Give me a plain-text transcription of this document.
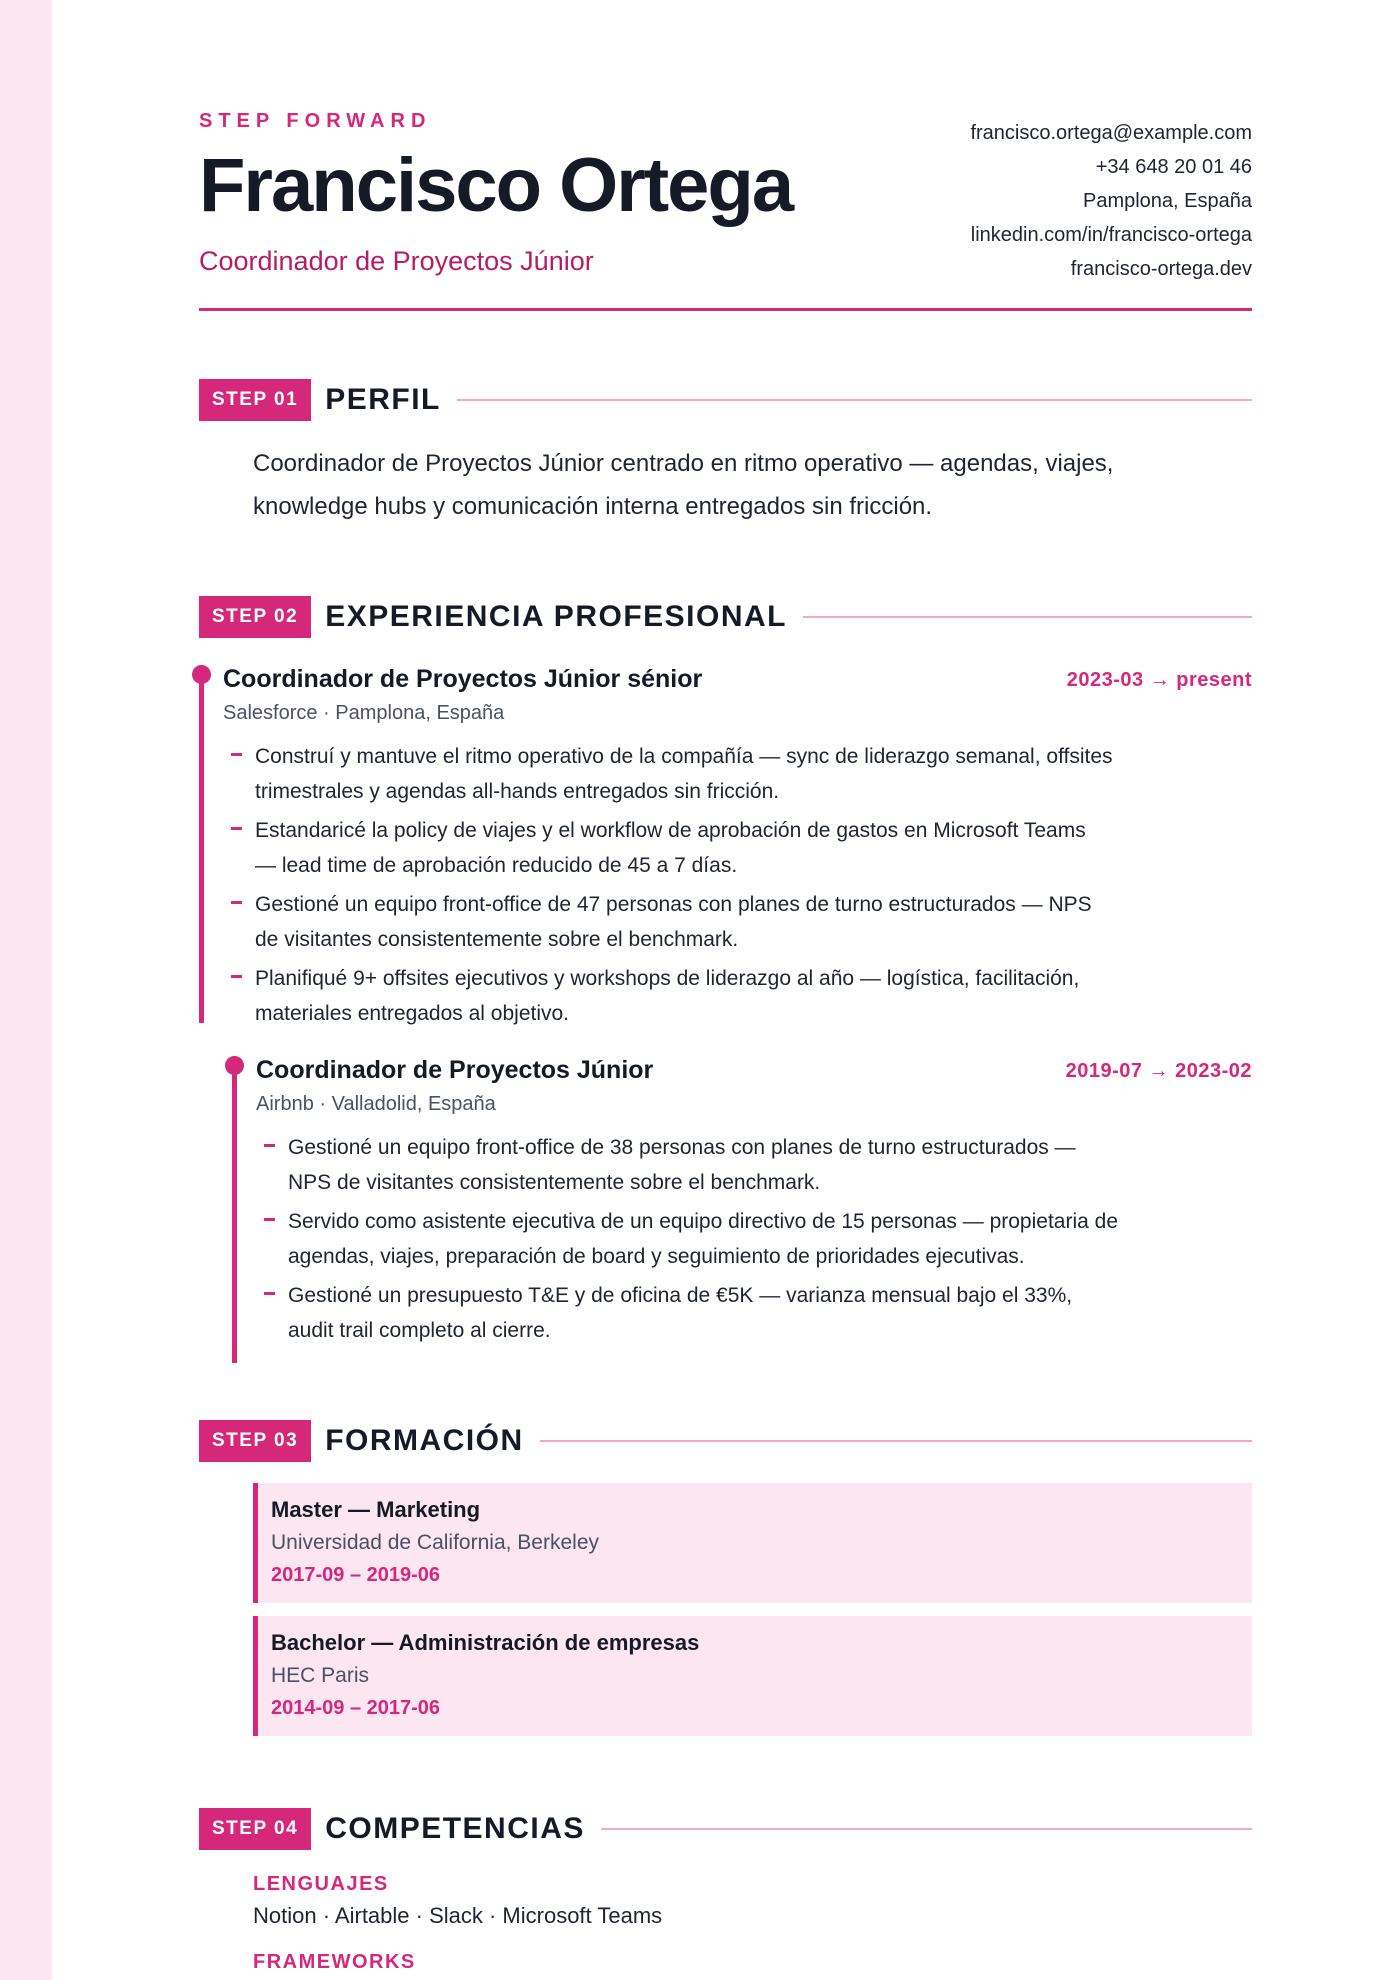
STEP FORWARD
Francisco Ortega
Coordinador de Proyectos Júnior
francisco.ortega@example.com
+34 648 20 01 46
Pamplona, España
linkedin.com/in/francisco-ortega
francisco-ortega.dev
STEP 01 PERFIL
Coordinador de Proyectos Júnior centrado en ritmo operativo — agendas, viajes,
knowledge hubs y comunicación interna entregados sin fricción.
STEP 02 EXPERIENCIA PROFESIONAL
Coordinador de Proyectos Júnior sénior	2023-03 → present
Salesforce · Pamplona, España
Construí y mantuve el ritmo operativo de la compañía — sync de liderazgo semanal, offsites
trimestrales y agendas all-hands entregados sin fricción.
Estandaricé la policy de viajes y el workflow de aprobación de gastos en Microsoft Teams
— lead time de aprobación reducido de 45 a 7 días.
Gestioné un equipo front-office de 47 personas con planes de turno estructurados — NPS
de visitantes consistentemente sobre el benchmark.
Planifiqué 9+ offsites ejecutivos y workshops de liderazgo al año — logística, facilitación,
materiales entregados al objetivo.
Coordinador de Proyectos Júnior	2019-07 → 2023-02
Airbnb · Valladolid, España
Gestioné un equipo front-office de 38 personas con planes de turno estructurados —
NPS de visitantes consistentemente sobre el benchmark.
Servido como asistente ejecutiva de un equipo directivo de 15 personas — propietaria de
agendas, viajes, preparación de board y seguimiento de prioridades ejecutivas.
Gestioné un presupuesto T&E y de oficina de €5K — varianza mensual bajo el 33%,
audit trail completo al cierre.
STEP 03 FORMACIÓN
Master — Marketing
Universidad de California, Berkeley
2017-09 – 2019-06
Bachelor — Administración de empresas
HEC Paris
2014-09 – 2017-06
STEP 04 COMPETENCIAS
LENGUAJES
Notion · Airtable · Slack · Microsoft Teams
FRAMEWORKS
